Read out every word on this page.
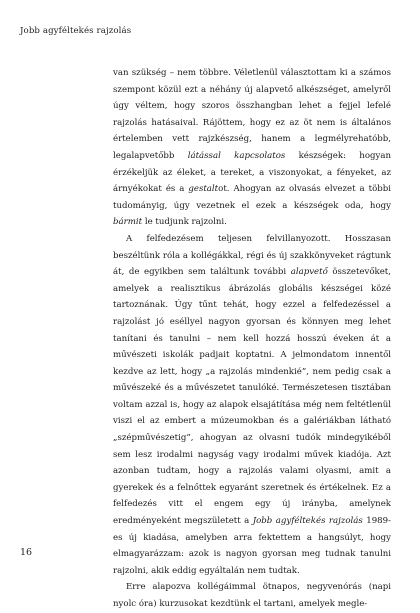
Jobb agyféltekés rajzolás

van szükség – nem többre. Véletlenül választottam ki a számos szempont közül ezt a néhány új alapvető alkészséget, amelyről úgy véltem, hogy szoros összhangban lehet a fejjel lefelé rajzolás hatásaival. Rájöttem, hogy ez az öt nem is általános értelemben vett rajzkészség, hanem a legmélyrehatóbb, legalapvetőbb látással kapcsolatos készségek: hogyan érzékeljük az éleket, a tereket, a viszonyokat, a fényeket, az árnyékokat és a gestaltot. Ahogyan az olvasás elvezet a többi tudományig, úgy vezetnek el ezek a készségek oda, hogy bármit le tudjunk rajzolni.

A felfedezésem teljesen felvillanyozott. Hosszasan beszéltünk róla a kollégákkal, régi és új szakkönyveket rágtunk át, de egyikben sem találtunk további alapvető összetevőket, amelyek a realisztikus ábrázolás globális készségei közé tartoznának. Úgy tűnt tehát, hogy ezzel a felfedezéssel a rajzolást jó eséllyel nagyon gyorsan és könnyen meg lehet tanítani és tanulni – nem kell hozzá hosszú éveken át a művészeti iskolák padjait koptatni. A jelmondatom innentől kezdve az lett, hogy „a rajzolás mindenkié”, nem pedig csak a művészeké és a művészetet tanulóké. Természetesen tisztában voltam azzal is, hogy az alapok elsajátítása még nem feltétlenül viszi el az embert a múzeumokban és a galériákban látható „szépművészetig”, ahogyan az olvasni tudók mindegyikéből sem lesz irodalmi nagyság vagy irodalmi művek kiadója. Azt azonban tudtam, hogy a rajzolás valami olyasmi, amit a gyerekek és a felnőttek egyaránt szeretnek és értékelnek. Ez a felfedezés vitt el engem egy új irányba, amelynek eredményeként megszületett a Jobb agyféltekés rajzolás 1989-es új kiadása, amelyben arra fektettem a hangsúlyt, hogy elmagyarázzam: azok is nagyon gyorsan meg tudnak tanulni rajzolni, akik eddig egyáltalán nem tudtak.

Erre alapozva kollégáimmal ötnapos, negyvenórás (napi nyolc óra) kurzusokat kezdtünk el tartani, amelyek megle-

16
